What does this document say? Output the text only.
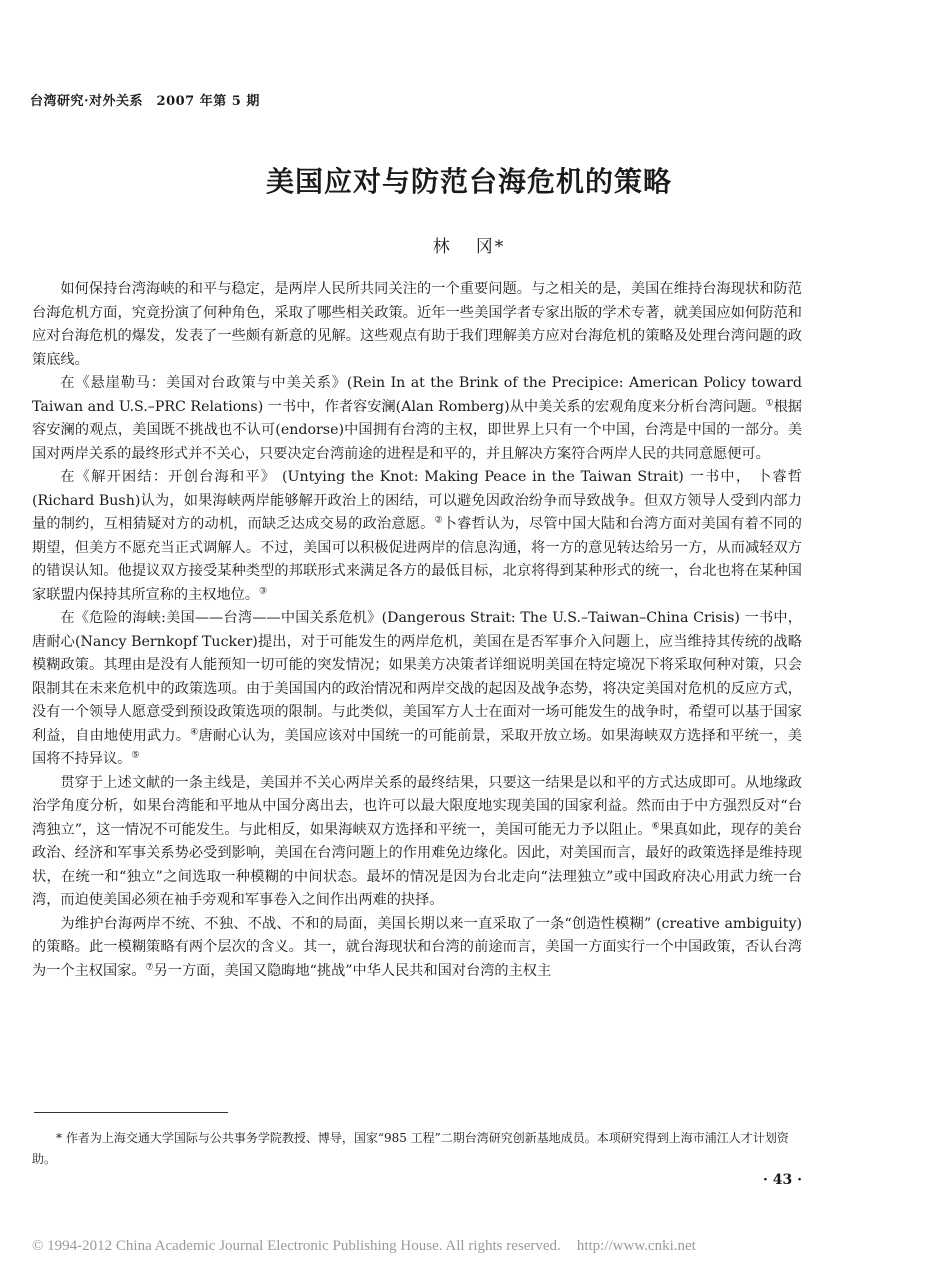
台湾研究·对外关系　2007 年第 5 期
美国应对与防范台海危机的策略
林 冈*

如何保持台湾海峡的和平与稳定，是两岸人民所共同关注的一个重要问题。与之相关的是，美国在维持台海现状和防范台海危机方面，究竟扮演了何种角色，采取了哪些相关政策。近年一些美国学者专家出版的学术专著，就美国应如何防范和应对台海危机的爆发，发表了一些颇有新意的见解。这些观点有助于我们理解美方应对台海危机的策略及处理台湾问题的政策底线。

在《悬崖勒马：美国对台政策与中美关系》(Rein In at the Brink of the Precipice: American Policy toward Taiwan and U.S.–PRC Relations) 一书中，作者容安澜(Alan Romberg)从中美关系的宏观角度来分析台湾问题。①根据容安澜的观点，美国既不挑战也不认可(endorse)中国拥有台湾的主权，即世界上只有一个中国，台湾是中国的一部分。美国对两岸关系的最终形式并不关心，只要决定台湾前途的进程是和平的，并且解决方案符合两岸人民的共同意愿便可。

在《解开困结：开创台海和平》 (Untying the Knot: Making Peace in the Taiwan Strait) 一书中， 卜睿哲(Richard Bush)认为，如果海峡两岸能够解开政治上的困结，可以避免因政治纷争而导致战争。但双方领导人受到内部力量的制约，互相猜疑对方的动机，而缺乏达成交易的政治意愿。②卜睿哲认为，尽管中国大陆和台湾方面对美国有着不同的期望，但美方不愿充当正式调解人。不过，美国可以积极促进两岸的信息沟通，将一方的意见转达给另一方，从而减轻双方的错误认知。他提议双方接受某种类型的邦联形式来满足各方的最低目标，北京将得到某种形式的统一，台北也将在某种国家联盟内保持其所宣称的主权地位。③

在《危险的海峡:美国——台湾——中国关系危机》(Dangerous Strait: The U.S.–Taiwan–China Crisis) 一书中，唐耐心(Nancy Bernkopf Tucker)提出，对于可能发生的两岸危机，美国在是否军事介入问题上，应当维持其传统的战略模糊政策。其理由是没有人能预知一切可能的突发情况；如果美方决策者详细说明美国在特定境况下将采取何种对策，只会限制其在未来危机中的政策选项。由于美国国内的政治情况和两岸交战的起因及战争态势，将决定美国对危机的反应方式，没有一个领导人愿意受到预设政策选项的限制。与此类似，美国军方人士在面对一场可能发生的战争时，希望可以基于国家利益，自由地使用武力。④唐耐心认为，美国应该对中国统一的可能前景，采取开放立场。如果海峡双方选择和平统一，美国将不持异议。⑤

贯穿于上述文献的一条主线是，美国并不关心两岸关系的最终结果，只要这一结果是以和平的方式达成即可。从地缘政治学角度分析，如果台湾能和平地从中国分离出去，也许可以最大限度地实现美国的国家利益。然而由于中方强烈反对“台湾独立”，这一情况不可能发生。与此相反，如果海峡双方选择和平统一，美国可能无力予以阻止。⑥果真如此，现存的美台政治、经济和军事关系势必受到影响，美国在台湾问题上的作用难免边缘化。因此，对美国而言，最好的政策选择是维持现状，在统一和“独立”之间选取一种模糊的中间状态。最坏的情况是因为台北走向“法理独立”或中国政府决心用武力统一台湾，而迫使美国必须在袖手旁观和军事卷入之间作出两难的抉择。

为维护台海两岸不统、不独、不战、不和的局面，美国长期以来一直采取了一条“创造性模糊” (creative ambiguity)的策略。此一模糊策略有两个层次的含义。其一，就台海现状和台湾的前途而言，美国一方面实行一个中国政策，否认台湾为一个主权国家。⑦另一方面，美国又隐晦地“挑战”中华人民共和国对台湾的主权主

* 作者为上海交通大学国际与公共事务学院教授、博导，国家“985 工程”二期台湾研究创新基地成员。本项研究得到上海市浦江人才计划资助。
· 43 ·
© 1994-2012 China Academic Journal Electronic Publishing House. All rights reserved. http://www.cnki.net
